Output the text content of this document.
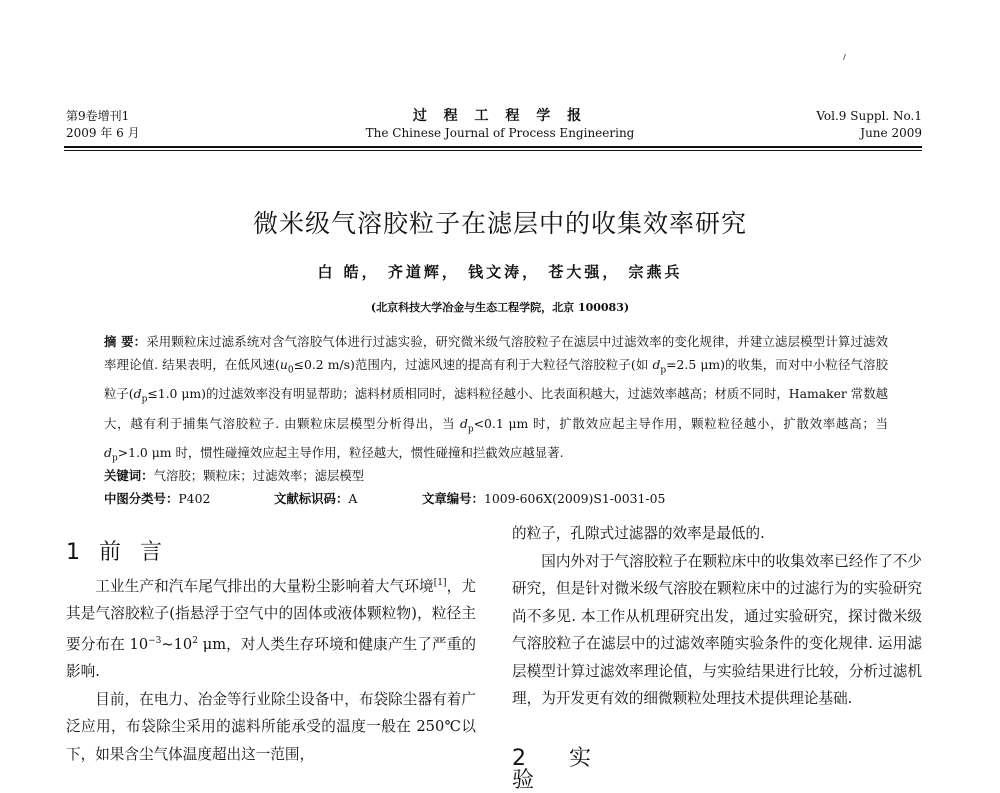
第9卷增刊1
2009 年 6 月
过 程 工 程 学 报
The Chinese Journal of Process Engineering
Vol.9 Suppl. No.1
June 2009
微米级气溶胶粒子在滤层中的收集效率研究
白 皓， 齐道辉， 钱文涛， 苍大强， 宗燕兵
(北京科技大学冶金与生态工程学院，北京 100083)
摘 要：采用颗粒床过滤系统对含气溶胶气体进行过滤实验，研究微米级气溶胶粒子在滤层中过滤效率的变化规律，并建立滤层模型计算过滤效率理论值. 结果表明，在低风速($u_0\le 0.2$ m/s)范围内，过滤风速的提高有利于大粒径气溶胶粒子(如 $d_p=2.5$ μm)的收集，而对中小粒径气溶胶粒子($d_p\le 1.0$ μm)的过滤效率没有明显帮助；滤料材质相同时，滤料粒径越小、比表面积越大，过滤效率越高；材质不同时，Hamaker 常数越大，越有利于捕集气溶胶粒子. 由颗粒床层模型分析得出，当 $d_p<0.1$ μm 时，扩散效应起主导作用，颗粒粒径越小，扩散效率越高；当 $d_p>1.0$ μm 时，惯性碰撞效应起主导作用，粒径越大，惯性碰撞和拦截效应越显著.
关键词：气溶胶；颗粒床；过滤效率；滤层模型
中图分类号：P402	文献标识码：A	文章编号：1009-606X(2009)S1-0031-05
1 前 言

工业生产和汽车尾气排出的大量粉尘影响着大气环境[1]，尤其是气溶胶粒子(指悬浮于空气中的固体或液体颗粒物)，粒径主要分布在 $10^{-3}\sim 10^2$ μm，对人类生存环境和健康产生了严重的影响.

目前，在电力、冶金等行业除尘设备中，布袋除尘器有着广泛应用，布袋除尘采用的滤料所能承受的温度一般在 250℃以下，如果含尘气体温度超出这一范围，

的粒子，孔隙式过滤器的效率是最低的.

国内外对于气溶胶粒子在颗粒床中的收集效率已经作了不少研究，但是针对微米级气溶胶在颗粒床中的过滤行为的实验研究尚不多见. 本工作从机理研究出发，通过实验研究，探讨微米级气溶胶粒子在滤层中的过滤效率随实验条件的变化规律. 运用滤层模型计算过滤效率理论值，与实验结果进行比较，分析过滤机理，为开发更有效的细微颗粒处理技术提供理论基础.

2 实 验
